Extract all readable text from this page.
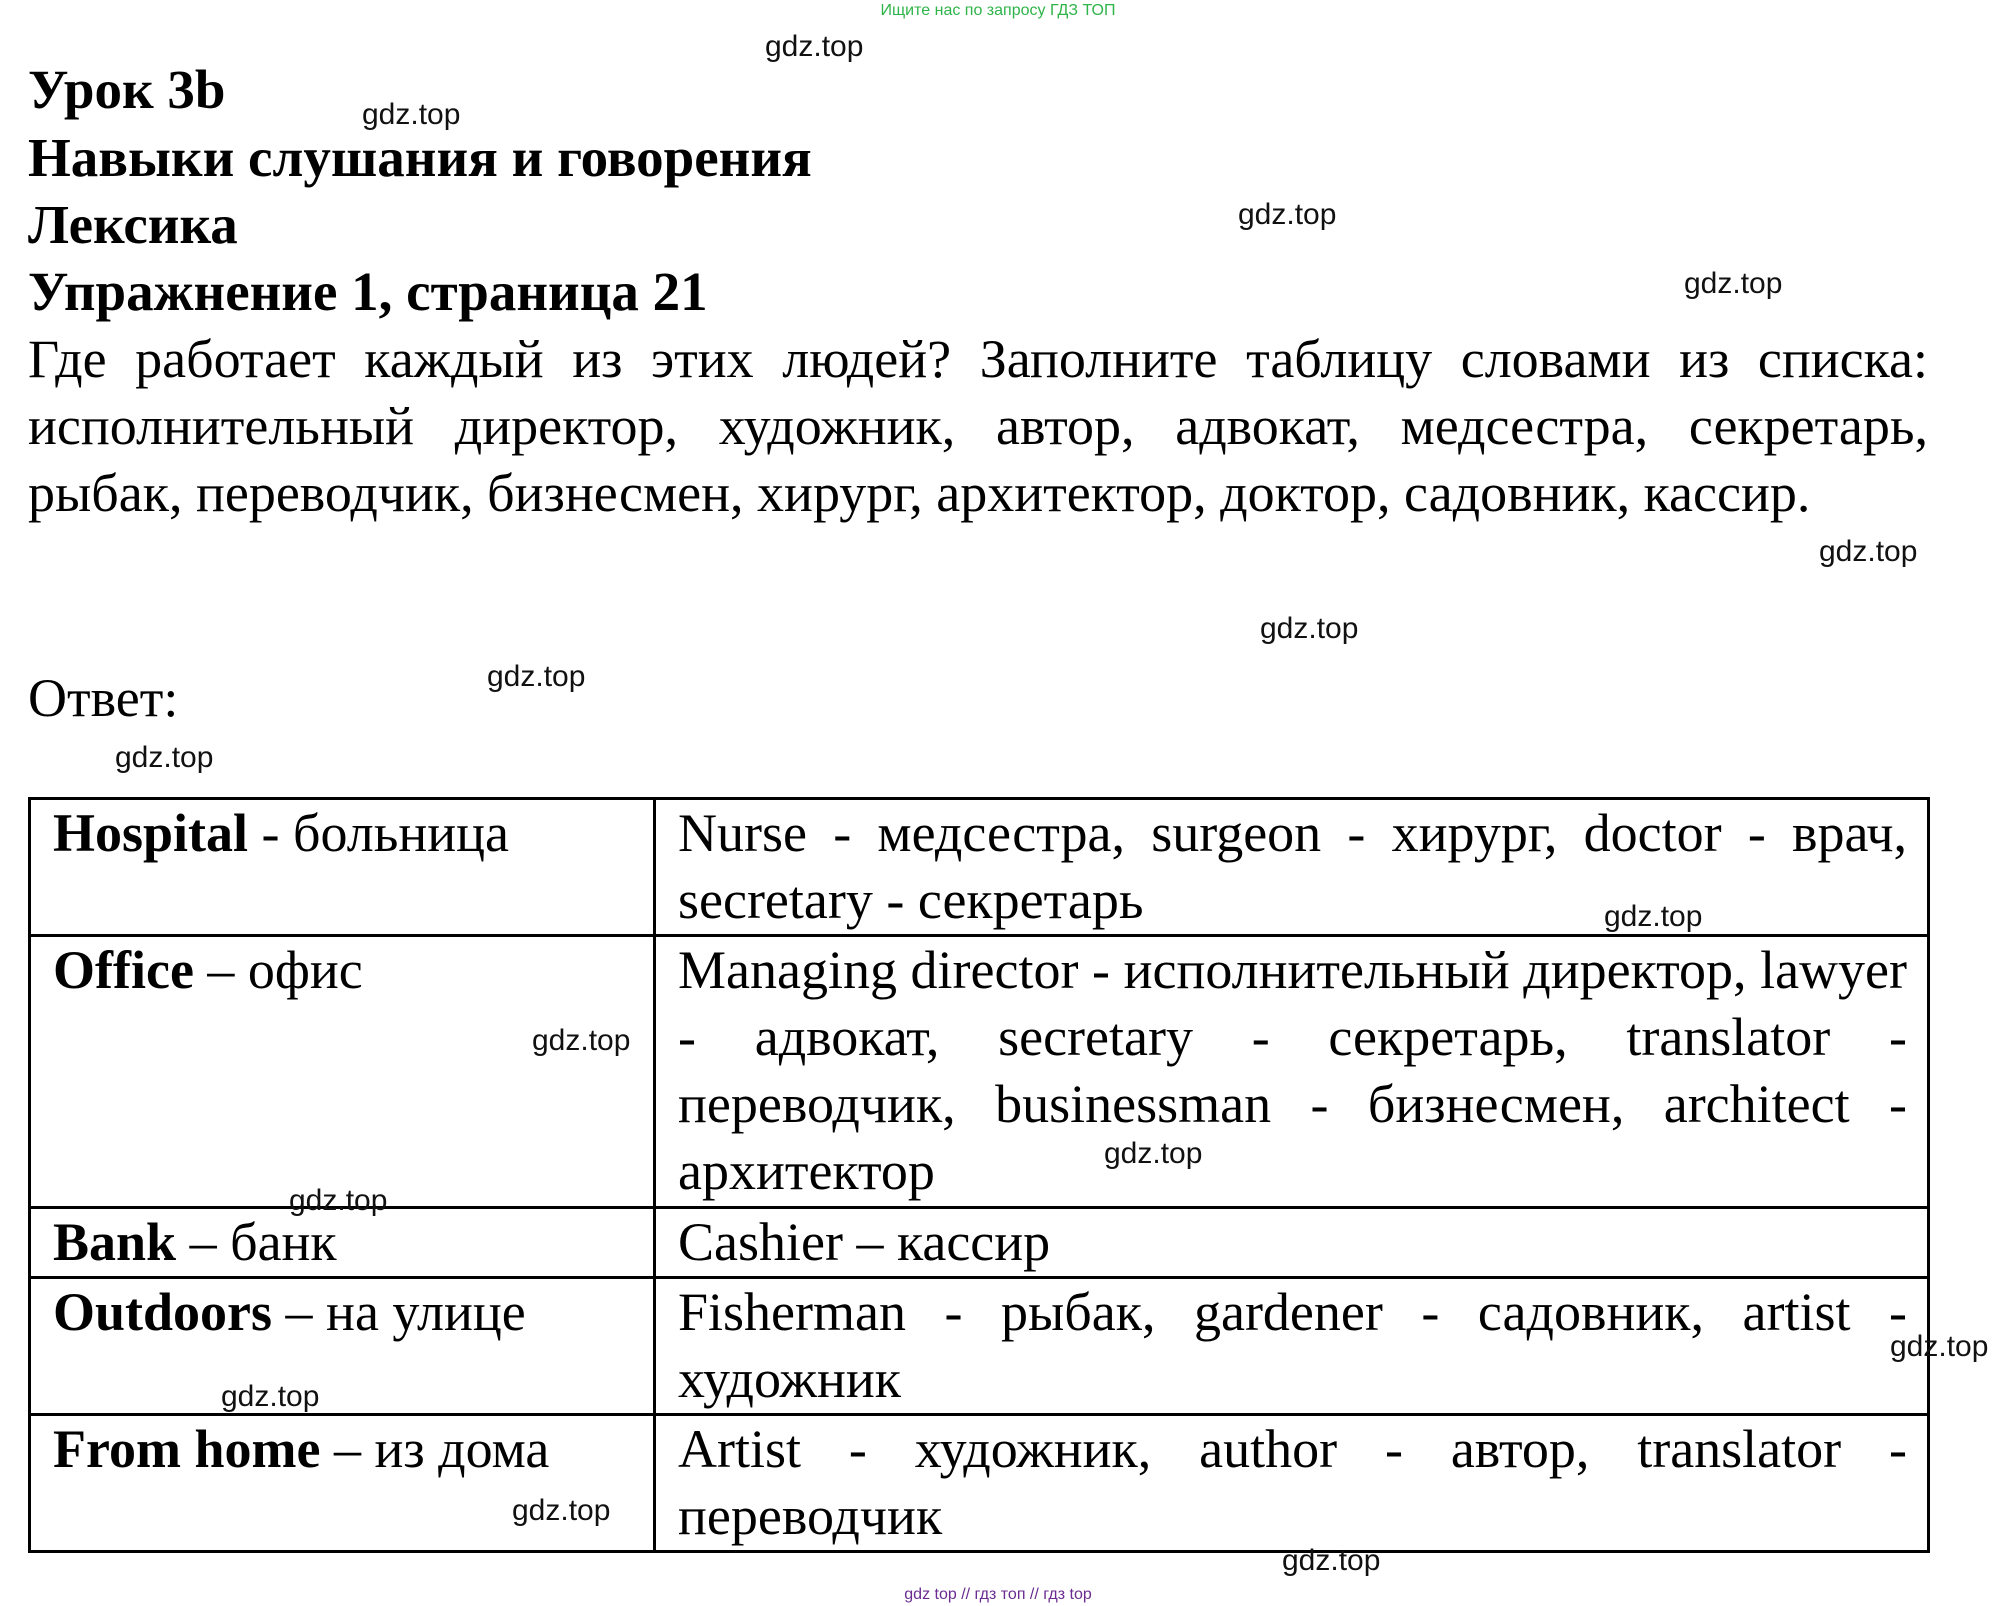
Ищите нас по запросу ГДЗ ТОП
Урок 3b
Навыки слушания и говорения
Лексика
Упражнение 1, страница 21
Где работает каждый из этих людей? Заполните таблицу словами из списка: исполнительный директор, художник, автор, адвокат, медсестра, секретарь, рыбак, переводчик, бизнесмен, хирург, архитектор, доктор, садовник, кассир.
Ответ:
Hospital - больница	Nurse - медсестра, surgeon - хирург, doctor - врач, secretary - секретарь
Office – офис	Managing director - исполнительный директор, lawyer - адвокат, secretary - секретарь, translator - переводчик, businessman - бизнесмен, architect - архитектор
Bank – банк	Cashier – кассир
Outdoors – на улице	Fisherman - рыбак, gardener - садовник, artist - художник
From home – из дома	Artist - художник, author - автор, translator - переводчик
gdz.top
gdz.top
gdz.top
gdz.top
gdz.top
gdz.top
gdz.top
gdz.top
gdz.top
gdz.top
gdz.top
gdz.top
gdz.top
gdz.top
gdz.top
gdz.top
gdz top // гдз топ // гдз top
